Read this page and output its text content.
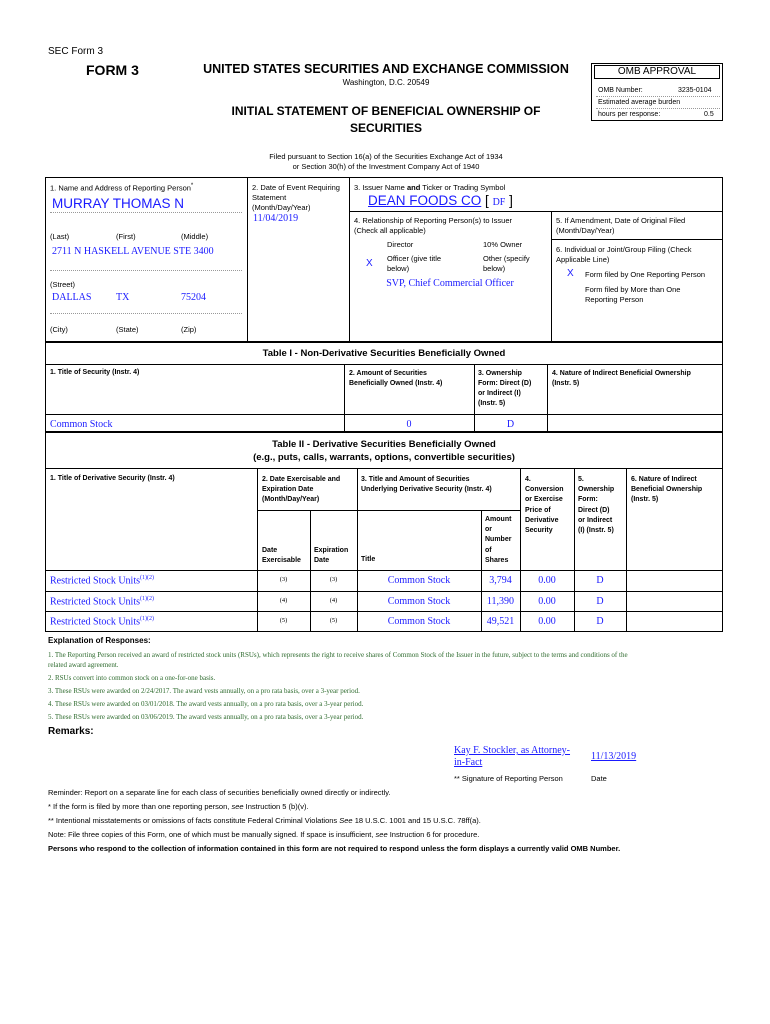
SEC Form 3
FORM 3	UNITED STATES SECURITIES AND EXCHANGE COMMISSION
Washington, D.C. 20549
INITIAL STATEMENT OF BENEFICIAL OWNERSHIP OF
SECURITIES
Filed pursuant to Section 16(a) of the Securities Exchange Act of 1934
or Section 30(h) of the Investment Company Act of 1940
OMB APPROVAL
OMB Number:	3235-0104
Estimated average burden
hours per response:	0.5
1. Name and Address of Reporting Person*
MURRAY THOMAS N
(Last)	(First)	(Middle)
2711 N HASKELL AVENUE STE 3400
(Street)
DALLAS TX	75204
(City)	(State)	(Zip)
2. Date of Event Requiring
Statement
(Month/Day/Year)
11/04/2019
3. Issuer Name and Ticker or Trading Symbol
DEAN FOODS CO [ DF ]
4. Relationship of Reporting Person(s) to Issuer
(Check all applicable)
Director	10% Owner
X Officer (give title
below)
Other (specify
below)
SVP, Chief Commercial Officer
5. If Amendment, Date of Original Filed
(Month/Day/Year)
6. Individual or Joint/Group Filing (Check
Applicable Line)
X Form filed by One Reporting Person
Form filed by More than One
Reporting Person
Table I - Non-Derivative Securities Beneficially Owned
1. Title of Security (Instr. 4)	2. Amount of Securities
Beneficially Owned (Instr. 4)
3. Ownership
Form: Direct (D)
or Indirect (I)
(Instr. 5)
4. Nature of Indirect Beneficial Ownership
(Instr. 5)
Common Stock	0	D
Table II - Derivative Securities Beneficially Owned
(e.g., puts, calls, warrants, options, convertible securities)
1. Title of Derivative Security (Instr. 4)	2. Date Exercisable and
Expiration Date
(Month/Day/Year)
Date
Exercisable
Expiration
Date
3. Title and Amount of Securities
Underlying Derivative Security (Instr. 4)
Title
Amount
or
Number
of
Shares
4.
Conversion
or Exercise
Price of
Derivative
Security
5.
Ownership
Form:
Direct (D)
or Indirect
(I) (Instr. 5)
6. Nature of Indirect
Beneficial Ownership
(Instr. 5)
Restricted Stock Units$^{(1)(2)}$	(3)	(3)	Common Stock	3,794	0.00	D
Restricted Stock Units$^{(1)(2)}$	(4)	(4)	Common Stock	11,390	0.00	D
Restricted Stock Units$^{(1)(2)}$	(5)	(5)	Common Stock	49,521	0.00	D
Explanation of Responses:
1. The Reporting Person received an award of restricted stock units (RSUs), which represents the right to receive shares of Common Stock of the Issuer in the future, subject to the terms and conditions of the
related award agreement.
2. RSUs convert into common stock on a one-for-one basis.
3. These RSUs were awarded on 2/24/2017. The award vests annually, on a pro rata basis, over a 3-year period.
4. These RSUs were awarded on 03/01/2018. The award vests annually, on a pro rata basis, over a 3-year period.
5. These RSUs were awarded on 03/06/2019. The award vests annually, on a pro rata basis, over a 3-year period.
Remarks:
Kay F. Stockler, as Attorney-
in-Fact
11/13/2019
** Signature of Reporting Person	Date
Reminder: Report on a separate line for each class of securities beneficially owned directly or indirectly.
* If the form is filed by more than one reporting person, see Instruction 5 (b)(v).
** Intentional misstatements or omissions of facts constitute Federal Criminal Violations See 18 U.S.C. 1001 and 15 U.S.C. 78ff(a).
Note: File three copies of this Form, one of which must be manually signed. If space is insufficient, see Instruction 6 for procedure.
Persons who respond to the collection of information contained in this form are not required to respond unless the form displays a currently valid OMB Number.
